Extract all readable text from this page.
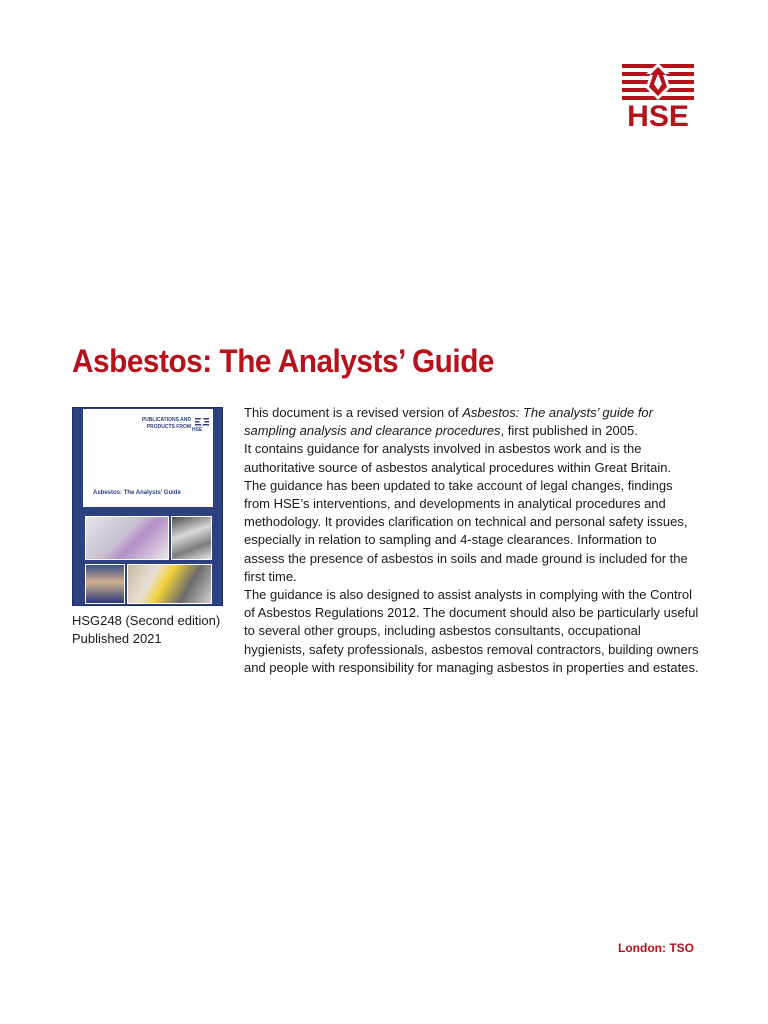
HSE
Asbestos: The Analysts’ Guide
PUBLICATIONS AND
PRODUCTS FROM HSE
Asbestos: The Analysts’ Guide
HSG248 (Second edition)
Published 2021

This document is a revised version of Asbestos: The analysts’ guide for sampling analysis and clearance procedures, first published in 2005.

It contains guidance for analysts involved in asbestos work and is the authoritative source of asbestos analytical procedures within Great Britain.

The guidance has been updated to take account of legal changes, findings from HSE’s interventions, and developments in analytical procedures and methodology. It provides clarification on technical and personal safety issues, especially in relation to sampling and 4-stage clearances. Information to assess the presence of asbestos in soils and made ground is included for the first time.

The guidance is also designed to assist analysts in complying with the Control of Asbestos Regulations 2012. The document should also be particularly useful to several other groups, including asbestos consultants, occupational hygienists, safety professionals, asbestos removal contractors, building owners and people with responsibility for managing asbestos in properties and estates.

London: TSO
